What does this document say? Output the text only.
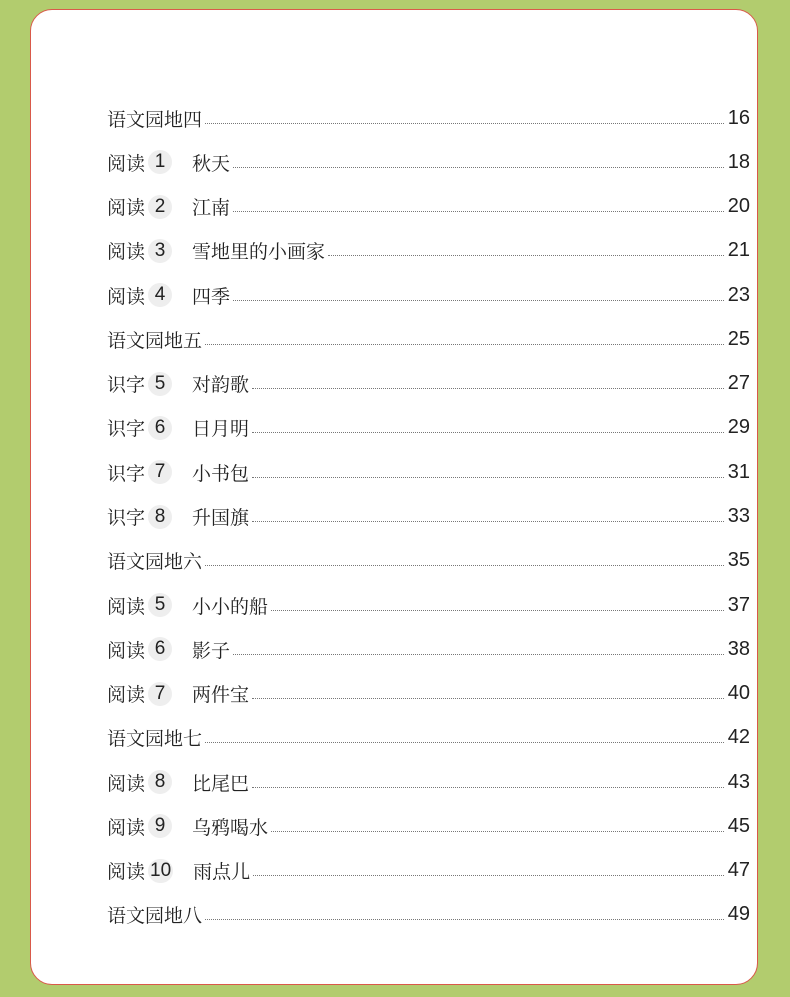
语文园地四	16
阅读 1	秋天	18
阅读 2	江南	20
阅读 3	雪地里的小画家	21
阅读 4	四季	23
语文园地五	25
识字 5	对韵歌	27
识字 6	日月明	29
识字 7	小书包	31
识字 8	升国旗	33
语文园地六	35
阅读 5	小小的船	37
阅读 6	影子	38
阅读 7	两件宝	40
语文园地七	42
阅读 8	比尾巴	43
阅读 9	乌鸦喝水	45
阅读 10 雨点儿	47
语文园地八	49
